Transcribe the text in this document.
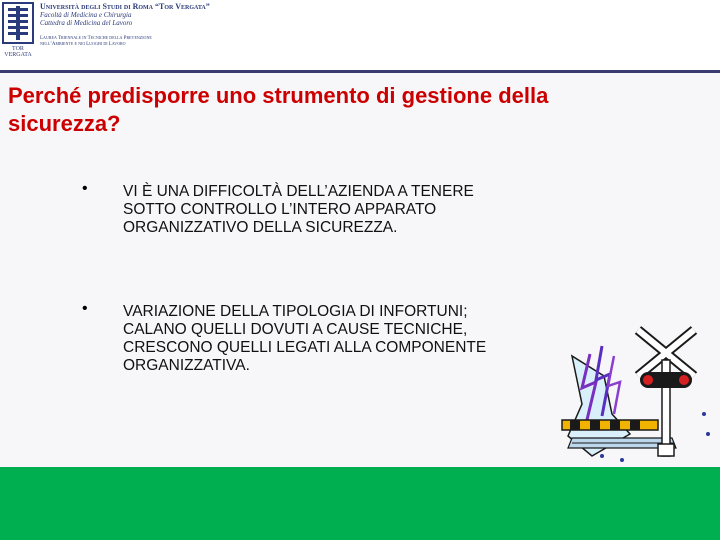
TOR VERGATA
Università degli Studi di Roma “Tor Vergata”
Facoltà di Medicina e Chirurgia
Cattedra di Medicina del Lavoro
Laurea Triennale in Tecniche della Prevenzione
nell’Ambiente e nei Luoghi di Lavoro
Perché predisporre uno strumento di gestione della sicurezza?
• VI È UNA DIFFICOLTÀ DELL’AZIENDA A TENERE SOTTO CONTROLLO L’INTERO APPARATO ORGANIZZATIVO DELLA SICUREZZA.
• VARIAZIONE DELLA TIPOLOGIA DI INFORTUNI; CALANO QUELLI DOVUTI A CAUSE TECNICHE, CRESCONO QUELLI LEGATI ALLA COMPONENTE ORGANIZZATIVA.
